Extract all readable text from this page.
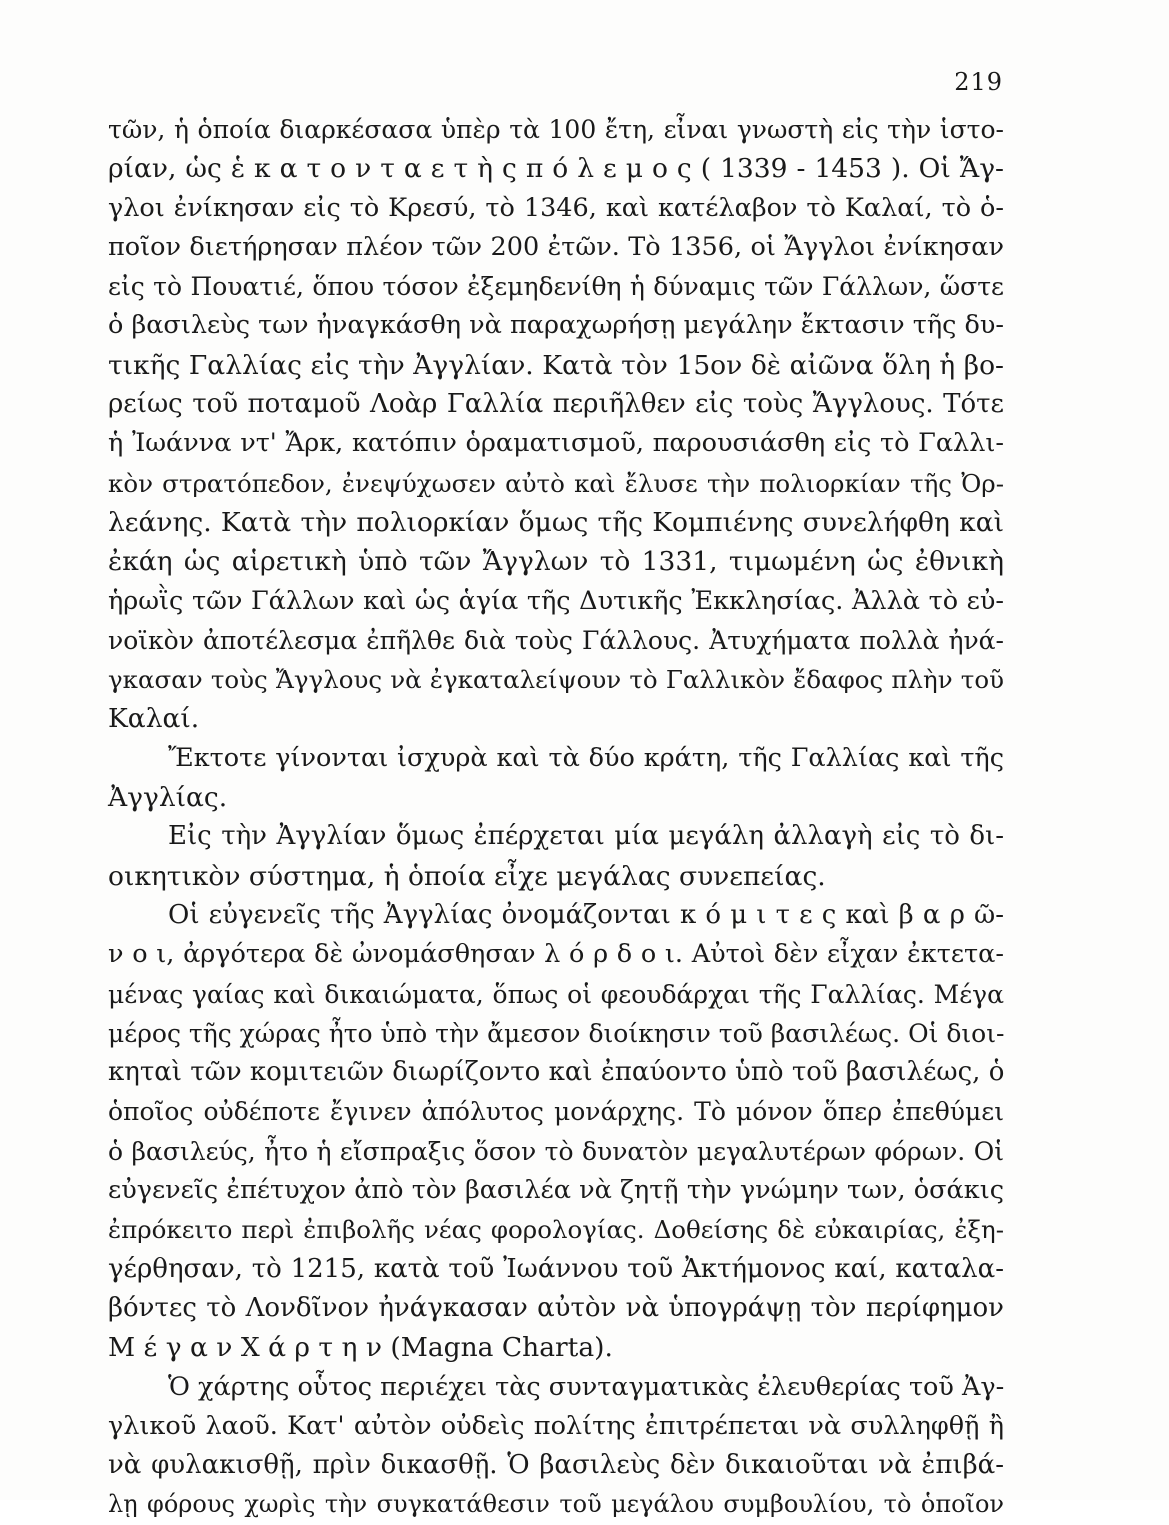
219
τῶν, ἡ ὁποία διαρκέσασα ὑπὲρ τὰ 100 ἔτη, εἶναι γνωστὴ εἰς τὴν ἱστο-
ρίαν, ὡς ἑ κ α τ ο ν τ α ε τ ὴ ς π ό λ ε μ ο ς ( 1339 - 1453 ). Οἱ Ἄγ-
γλοι ἐνίκησαν εἰς τὸ Κρεσύ, τὸ 1346, καὶ κατέλαβον τὸ Καλαί, τὸ ὁ-
ποῖον διετήρησαν πλέον τῶν 200 ἐτῶν. Τὸ 1356, οἱ Ἄγγλοι ἐνίκησαν
εἰς τὸ Πουατιέ, ὅπου τόσον ἐξεμηδενίθη ἡ δύναμις τῶν Γάλλων, ὥστε
ὁ βασιλεὺς των ἠναγκάσθη νὰ παραχωρήσῃ μεγάλην ἔκτασιν τῆς δυ-
τικῆς Γαλλίας εἰς τὴν Ἀγγλίαν. Κατὰ τὸν 15ον δὲ αἰῶνα ὅλη ἡ βο-
ρείως τοῦ ποταμοῦ Λοὰρ Γαλλία περιῆλθεν εἰς τοὺς Ἄγγλους. Τότε
ἡ Ἰωάννα ντ' Ἄρκ, κατόπιν ὁραματισμοῦ, παρουσιάσθη εἰς τὸ Γαλλι-
κὸν στρατόπεδον, ἐνεψύχωσεν αὐτὸ καὶ ἔλυσε τὴν πολιορκίαν τῆς Ὀρ-
λεάνης. Κατὰ τὴν πολιορκίαν ὅμως τῆς Κομπιένης συνελήφθη καὶ
ἐκάη ὡς αἱρετικὴ ὑπὸ τῶν Ἄγγλων τὸ 1331, τιμωμένη ὡς ἐθνικὴ
ἡρωῒς τῶν Γάλλων καὶ ὡς ἁγία τῆς Δυτικῆς Ἐκκλησίας. Ἀλλὰ τὸ εὐ-
νοϊκὸν ἀποτέλεσμα ἐπῆλθε διὰ τοὺς Γάλλους. Ἀτυχήματα πολλὰ ἠνά-
γκασαν τοὺς Ἄγγλους νὰ ἐγκαταλείψουν τὸ Γαλλικὸν ἔδαφος πλὴν τοῦ
Καλαί.
Ἔκτοτε γίνονται ἰσχυρὰ καὶ τὰ δύο κράτη, τῆς Γαλλίας καὶ τῆς
Ἀγγλίας.
Εἰς τὴν Ἀγγλίαν ὅμως ἐπέρχεται μία μεγάλη ἀλλαγὴ εἰς τὸ δι-
οικητικὸν σύστημα, ἡ ὁποία εἶχε μεγάλας συνεπείας.
Οἱ εὐγενεῖς τῆς Ἀγγλίας ὀνομάζονται κ ό μ ι τ ε ς καὶ β α ρ ῶ-
ν ο ι, ἀργότερα δὲ ὠνομάσθησαν λ ό ρ δ ο ι. Αὐτοὶ δὲν εἶχαν ἐκτετα-
μένας γαίας καὶ δικαιώματα, ὅπως οἱ φεουδάρχαι τῆς Γαλλίας. Μέγα
μέρος τῆς χώρας ἦτο ὑπὸ τὴν ἄμεσον διοίκησιν τοῦ βασιλέως. Οἱ διοι-
κηταὶ τῶν κομιτειῶν διωρίζοντο καὶ ἐπαύοντο ὑπὸ τοῦ βασιλέως, ὁ
ὁποῖος οὐδέποτε ἔγινεν ἀπόλυτος μονάρχης. Τὸ μόνον ὅπερ ἐπεθύμει
ὁ βασιλεύς, ἦτο ἡ εἴσπραξις ὅσον τὸ δυνατὸν μεγαλυτέρων φόρων. Οἱ
εὐγενεῖς ἐπέτυχον ἀπὸ τὸν βασιλέα νὰ ζητῇ τὴν γνώμην των, ὁσάκις
ἐπρόκειτο περὶ ἐπιβολῆς νέας φορολογίας. Δοθείσης δὲ εὐκαιρίας, ἐξη-
γέρθησαν, τὸ 1215, κατὰ τοῦ Ἰωάννου τοῦ Ἀκτήμονος καί, καταλα-
βόντες τὸ Λονδῖνον ἠνάγκασαν αὐτὸν νὰ ὑπογράψῃ τὸν περίφημον
Μ έ γ α ν Χ ά ρ τ η ν (Magna Charta).
Ὁ χάρτης οὗτος περιέχει τὰς συνταγματικὰς ἐλευθερίας τοῦ Ἀγ-
γλικοῦ λαοῦ. Κατ' αὐτὸν οὐδεὶς πολίτης ἐπιτρέπεται νὰ συλληφθῇ ἢ
νὰ φυλακισθῇ, πρὶν δικασθῇ. Ὁ βασιλεὺς δὲν δικαιοῦται νὰ ἐπιβά-
λῃ φόρους χωρὶς τὴν συγκατάθεσιν τοῦ μεγάλου συμβουλίου, τὸ ὁποῖον
